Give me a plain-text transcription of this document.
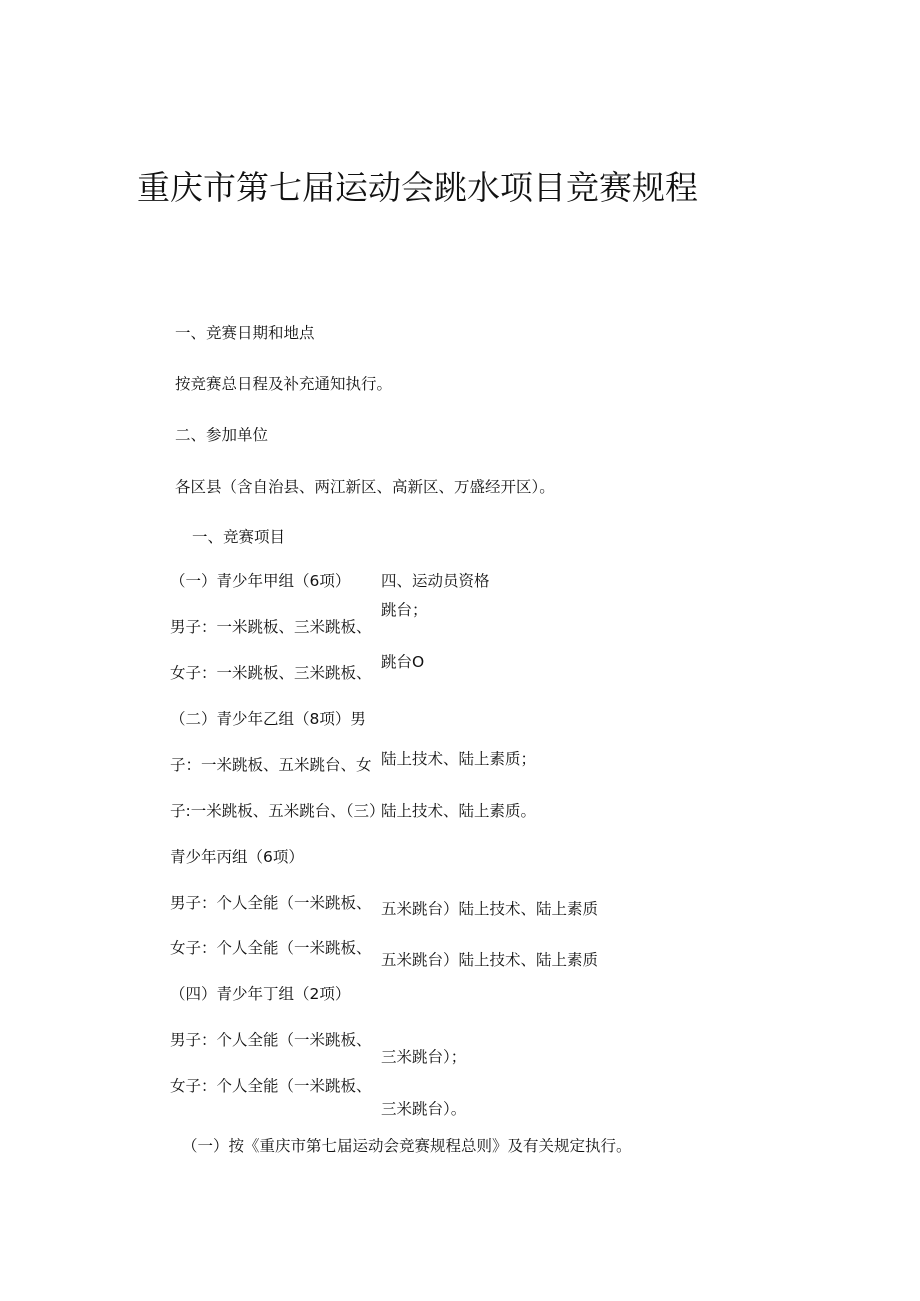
重庆市第七届运动会跳水项目竞赛规程

一、竞赛日期和地点

按竞赛总日程及补充通知执行。

二、参加单位

各区县（含自治县、两江新区、高新区、万盛经开区）。

一、竞赛项目

（一）青少年甲组（6项）

男子：一米跳板、三米跳板、

女子：一米跳板、三米跳板、

（二）青少年乙组（8项）男

子：一米跳板、五米跳台、女

子:一米跳板、五米跳台、（三）

青少年丙组（6项）

男子：个人全能（一米跳板、

女子：个人全能（一米跳板、

（四）青少年丁组（2项）

男子：个人全能（一米跳板、

女子：个人全能（一米跳板、

四、运动员资格

跳台；

跳台O

陆上技术、陆上素质；

陆上技术、陆上素质。

五米跳台）陆上技术、陆上素质

五米跳台）陆上技术、陆上素质

三米跳台）；

三米跳台）。

（一）按《重庆市第七届运动会竞赛规程总则》及有关规定执行。
